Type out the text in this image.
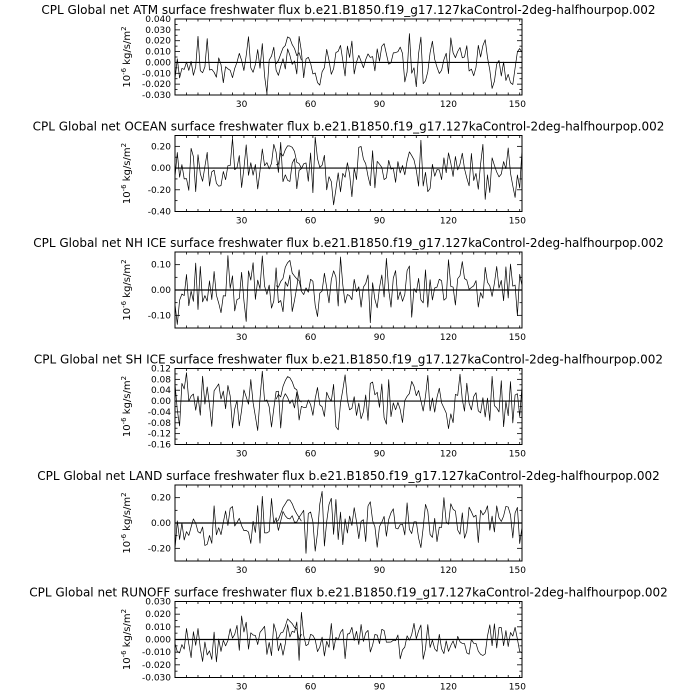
CPL Global net ATM surface freshwater flux b.e21.B1850.f19_g17.127kaControl-2deg-halfhourpop.002
$10^{-6}$ $kg/s/m^2$
30	60	90	120	150
-0.030
-0.020
-0.010
0.000
0.010
0.020
0.030
0.040
CPL Global net OCEAN surface freshwater flux b.e21.B1850.f19_g17.127kaControl-2deg-halfhourpop.002
$10^{-6}$ $kg/s/m^2$
30	60	90	120	150
-0.40
-0.20
0.00
0.20
CPL Global net NH ICE surface freshwater flux b.e21.B1850.f19_g17.127kaControl-2deg-halfhourpop.002
$10^{-6}$ $kg/s/m^2$
30	60	90	120	150
-0.10
0.00
0.10
CPL Global net SH ICE surface freshwater flux b.e21.B1850.f19_g17.127kaControl-2deg-halfhourpop.002
$10^{-6}$ $kg/s/m^2$
30	60	90	120	150
-0.16
-0.12
-0.08
-0.04
0.00
0.04
0.08
0.12
CPL Global net LAND surface freshwater flux b.e21.B1850.f19_g17.127kaControl-2deg-halfhourpop.002
$10^{-6}$ $kg/s/m^2$
30	60	90	120	150
-0.20
0.00
0.20
CPL Global net RUNOFF surface freshwater flux b.e21.B1850.f19_g17.127kaControl-2deg-halfhourpop.002
$10^{-6}$ $kg/s/m^2$
30	60	90	120	150
-0.030
-0.020
-0.010
0.000
0.010
0.020
0.030
